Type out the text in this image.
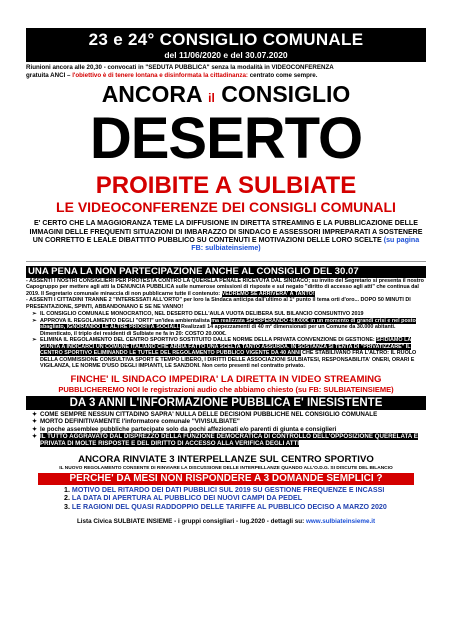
23 e 24° CONSIGLIO COMUNALE
del 11/06/2020 e del 30.07.2020
Riunioni ancora alle 20,30 - convocati in "SEDUTA PUBBLICA" senza la modalità in VIDEOCONFERENZA
gratuita ANCI – l'obiettivo è di tenere lontana e disinformata la cittadinanza: centrato come sempre.
ANCORA il CONSIGLIO
DESERTO
PROIBITE A SULBIATE
LE VIDEOCONFERENZE DEI CONSIGLI COMUNALI
E' CERTO CHE LA MAGGIORANZA TEME LA DIFFUSIONE IN DIRETTA STREAMING E LA PUBBLICAZIONE DELLE IMMAGINI DELLE FREQUENTI SITUAZIONI DI IMBARAZZO DI SINDACO E ASSESSORI IMPREPARATI A SOSTENERE UN CORRETTO E LEALE DIBATTITO PUBBLICO SU CONTENUTI E MOTIVAZIONI DELLE LORO SCELTE (su pagina FB: sulbiateinsieme)
UNA PENA LA NON PARTECIPAZIONE ANCHE AL CONSIGLIO DEL 30.07
- ASSENTI I NOSTRI CONSIGLIERI PER PROTESTA CONTRO LA QUERELA PENALE RICEVUTA DAL SINDACO; su invito del Segretario si presenta il nostro Capogruppo per mettere agli atti la DENUNCIA PUBBLICA sulle numerose omissioni di risposte e sul negato "diritto di accesso agli atti" che continua dal 2019. Il Segretario comunale minaccia di non pubblicarne tutte il contenuto: VEDREMO SE ARRIVERA' A TANTO!
- ASSENTI I CITTADINI TRANNE 2 "INTERESSATI ALL'ORTO" per loro la Sindaca anticipa dall'ultimo al 1° punto il tema orti d'oro... DOPO 50 MINUTI DI PRESENTAZIONE, SPINTI, ABBANDONANO E SE NE VANNO!
➢ IL CONSIGLIO COMUNALE MONOCRATICO, NEL DESERTO DELL'AULA VUOTA DELIBERA SUL BILANCIO CONSUNTIVO 2019
➢ APPROVA IL REGOLAMENTO DEGLI "ORTI" un'idea ambientalista ma realizzata SPERPERANDO 48.000€ in un momento di grandi crisi e nel posto sbagliato, IGNORANDO LE ALTRE PRIORITÀ SOCIALI. Realizzati 14 appezzamenti di 40 m² dimensionati per un Comune da 30.000 abitanti. Dimenticato, il triplo dei residenti di Sulbiate ne fa in 20: COSTO 20.000€.
➢ ELIMINA IL REGOLAMENTO DEL CENTRO SPORTIVO SOSTITUITO DALLE NORME DELLA PRIVATA CONVENZIONE DI GESTIONE: SFIDIAMO LA GIUNTA A INDICARCI UN COMUNE ITALIANO CHE ABBIA FATTO UNA SCELTA TANTO ASSURDA. IN SOSTANZA SI TENTA DI "PRIVATIZZARE" IL CENTRO SPORTIVO ELIMINANDO LE TUTELE DEL REGOLAMENTO PUBBLICO VIGENTE DA 40 ANNI CHE STABILIVANO FRA L'ALTRO: IL RUOLO DELLA COMMISSIONE CONSULTIVA SPORT E TEMPO LIBERO, I DIRITTI DELLE ASSOCIAZIONI SULBIATESI, RESPONSABILITA' ONERI, ORARI E VIGILANZA, LE NORME D'USO DEGLI IMPIANTI, LE SANZIONI. Non certo presenti nel contratto privato.
FINCHE' IL SINDACO IMPEDIRA' LA DIRETTA IN VIDEO STREAMING
PUBBLICHEREMO NOI le registrazioni audio che abbiamo chiesto (su FB: SULBIATEINSIEME)
DA 3 ANNI L'INFORMAZIONE PUBBLICA E' INESISTENTE
✦ COME SEMPRE NESSUN CITTADINO SAPRA' NULLA DELLE DECISIONI PUBBLICHE NEL CONSIGLIO COMUNALE
✦ MORTO DEFINITIVAMENTE l'informatore comunale "VIVISULBIATE"
✦ le poche assemblee pubbliche partecipate solo da pochi affezionati e/o parenti di giunta e consiglieri
✦ IL TUTTO AGGRAVATO DAL DISPREZZO DELLA FUNZIONE DEMOCRATICA DI CONTROLLO DELL'OPPOSIZIONE QUERELATA E PRIVATA DI MOLTE RISPOSTE E DEL DIRITTO DI ACCESSO ALLA VERIFICA DEGLI ATTI
ANCORA RINVIATE 3 INTERPELLANZE SUL CENTRO SPORTIVO
IL NUOVO REGOLAMENTO CONSENTE DI RINVIARE LA DISCUSSIONE DELLE INTERPELLANZE QUANDO ALL'O.D.G. SI DISCUTE DEL BILANCIO
PERCHE' DA MESI NON RISPONDERE A 3 DOMANDE SEMPLICI ?
1. MOTIVO DEL RITARDO DEI DATI PUBBLICI SUL 2019 SU GESTIONE FREQUENZE E INCASSI
2. LA DATA DI APERTURA AL PUBBLICO DEI NUOVI CAMPI DA PEDEL
3. LE RAGIONI DEL QUASI RADDOPPIO DELLE TARIFFE AL PUBBLICO DECISO A MARZO 2020
Lista Civica SULBIATE INSIEME - i gruppi consigliari - lug.2020 - dettagli su: www.sulbiateinsieme.it
